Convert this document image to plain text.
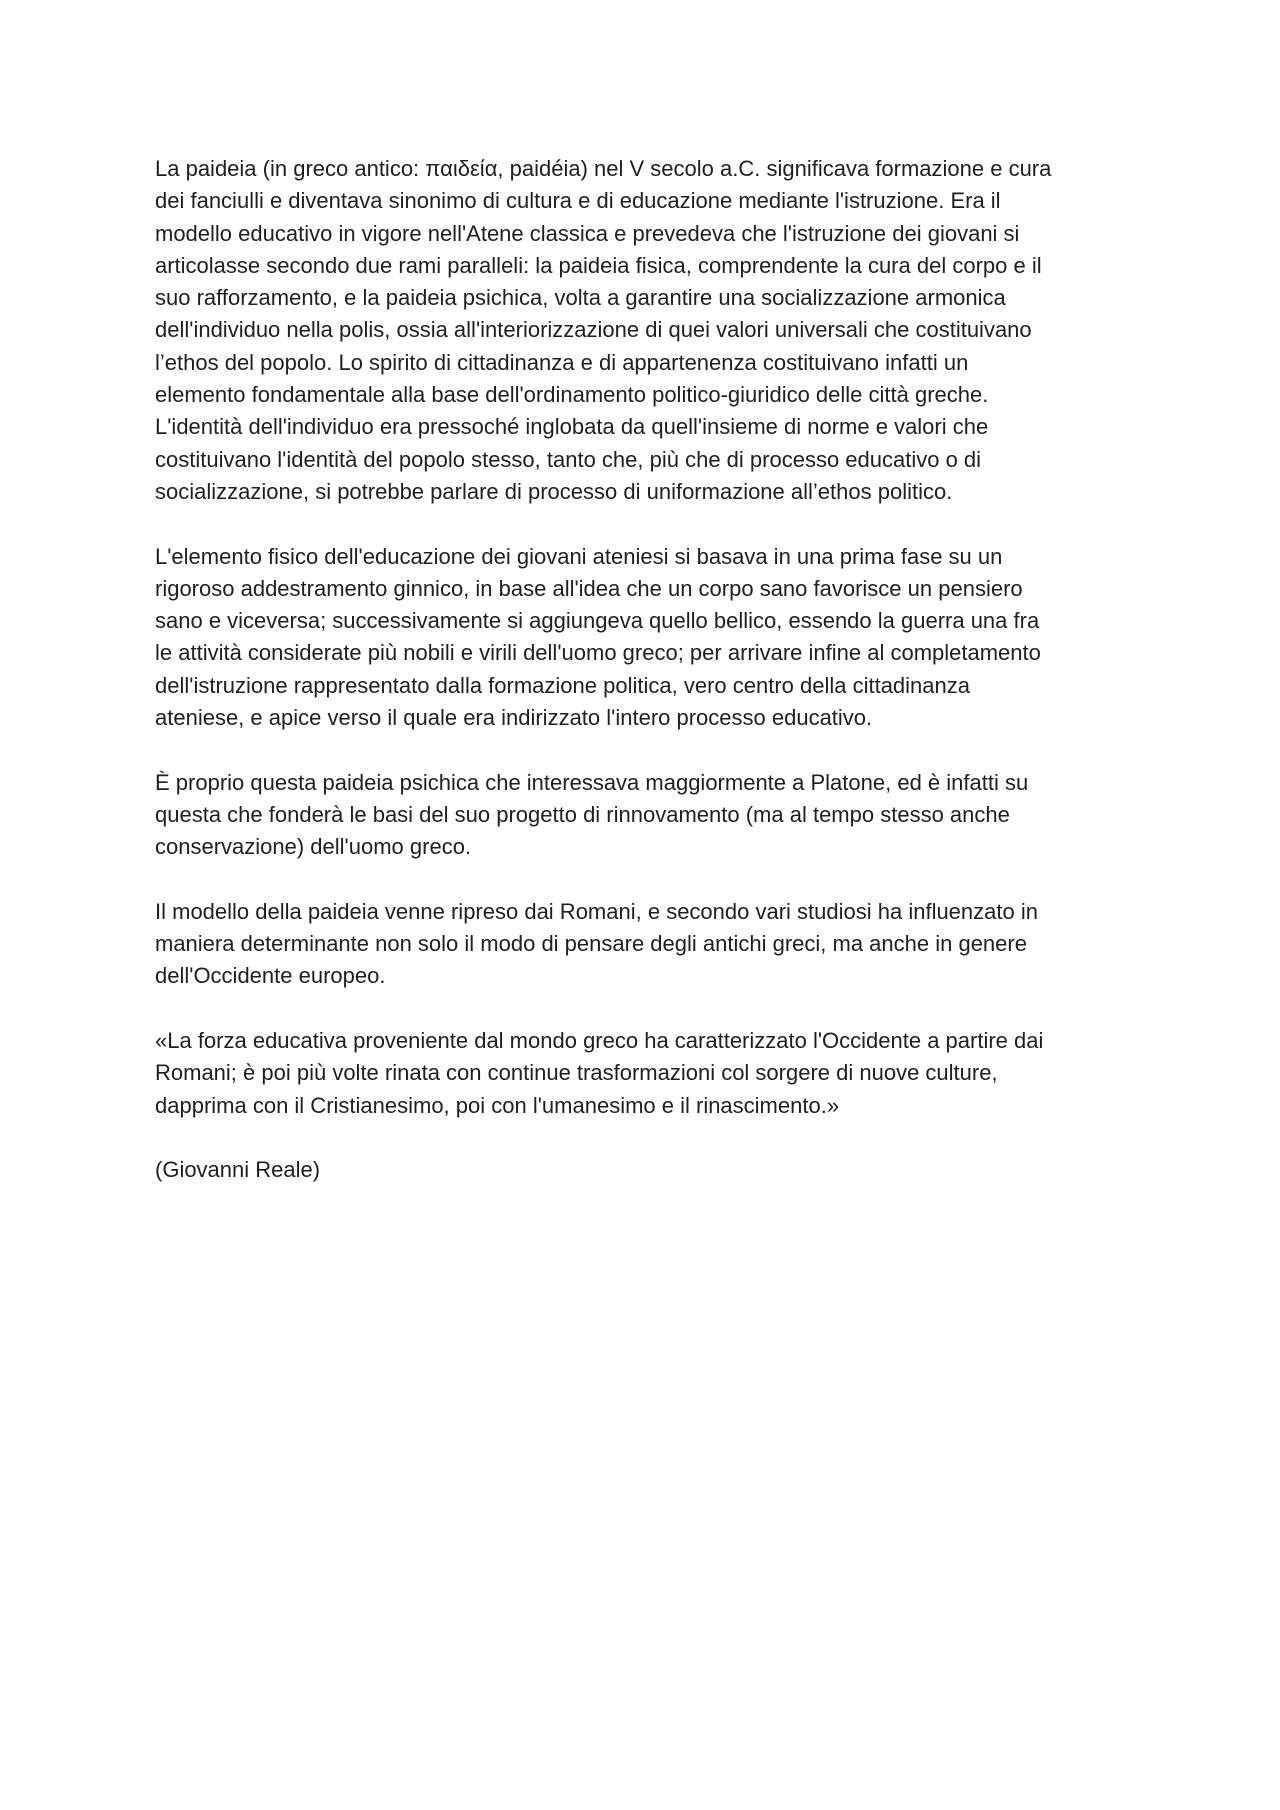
La paideia (in greco antico: παιδεία, paidéia) nel V secolo a.C. significava formazione e cura
dei fanciulli e diventava sinonimo di cultura e di educazione mediante l'istruzione. Era il
modello educativo in vigore nell'Atene classica e prevedeva che l'istruzione dei giovani si
articolasse secondo due rami paralleli: la paideia fisica, comprendente la cura del corpo e il
suo rafforzamento, e la paideia psichica, volta a garantire una socializzazione armonica
dell'individuo nella polis, ossia all'interiorizzazione di quei valori universali che costituivano
l’ethos del popolo. Lo spirito di cittadinanza e di appartenenza costituivano infatti un
elemento fondamentale alla base dell'ordinamento politico-giuridico delle città greche.
L'identità dell'individuo era pressoché inglobata da quell'insieme di norme e valori che
costituivano l'identità del popolo stesso, tanto che, più che di processo educativo o di
socializzazione, si potrebbe parlare di processo di uniformazione all’ethos politico.

L'elemento fisico dell'educazione dei giovani ateniesi si basava in una prima fase su un
rigoroso addestramento ginnico, in base all'idea che un corpo sano favorisce un pensiero
sano e viceversa; successivamente si aggiungeva quello bellico, essendo la guerra una fra
le attività considerate più nobili e virili dell'uomo greco; per arrivare infine al completamento
dell'istruzione rappresentato dalla formazione politica, vero centro della cittadinanza
ateniese, e apice verso il quale era indirizzato l'intero processo educativo.

È proprio questa paideia psichica che interessava maggiormente a Platone, ed è infatti su
questa che fonderà le basi del suo progetto di rinnovamento (ma al tempo stesso anche
conservazione) dell'uomo greco.

Il modello della paideia venne ripreso dai Romani, e secondo vari studiosi ha influenzato in
maniera determinante non solo il modo di pensare degli antichi greci, ma anche in genere
dell'Occidente europeo.

«La forza educativa proveniente dal mondo greco ha caratterizzato l'Occidente a partire dai
Romani; è poi più volte rinata con continue trasformazioni col sorgere di nuove culture,
dapprima con il Cristianesimo, poi con l'umanesimo e il rinascimento.»

(Giovanni Reale)
